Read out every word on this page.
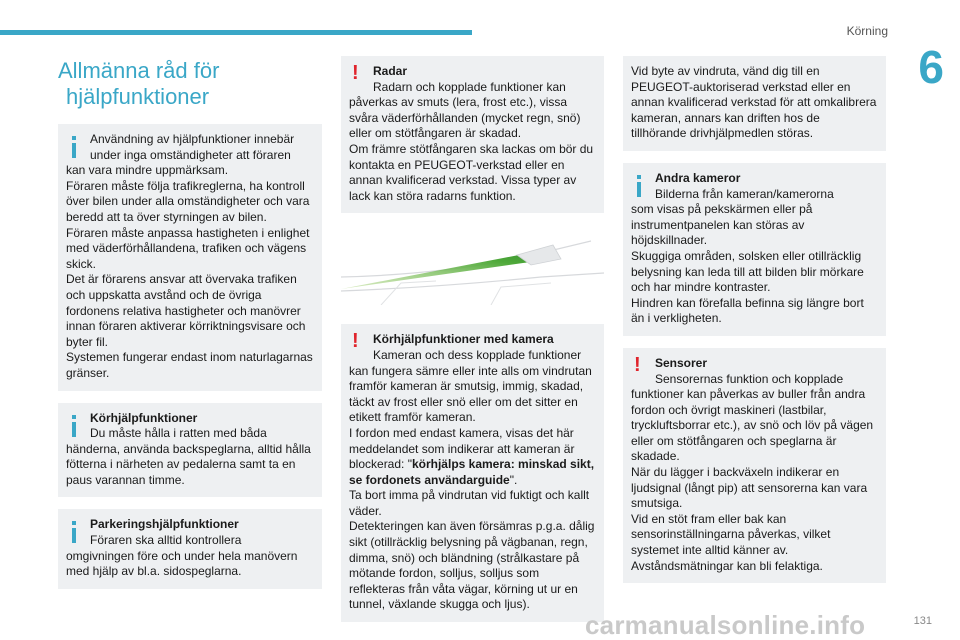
Körning
6
Allmänna råd för
hjälpfunktioner
Användning av hjälpfunktioner innebär under inga omständigheter att föraren
kan vara mindre uppmärksam.
Föraren måste följa trafikreglerna, ha kontroll över bilen under alla omständigheter och vara beredd att ta över styrningen av bilen.
Föraren måste anpassa hastigheten i enlighet med väderförhållandena, trafiken och vägens skick.
Det är förarens ansvar att övervaka trafiken och uppskatta avstånd och de övriga fordonens relativa hastigheter och manövrer innan föraren aktiverar körriktningsvisare och byter fil.
Systemen fungerar endast inom naturlagarnas gränser.
Körhjälpfunktioner
Du måste hålla i ratten med båda
händerna, använda backspeglarna, alltid hålla fötterna i närheten av pedalerna samt ta en paus varannan timme.
Parkeringshjälpfunktioner
Föraren ska alltid kontrollera
omgivningen före och under hela manövern med hjälp av bl.a. sidospeglarna.
!	Radar
Radarn och kopplade funktioner kan
påverkas av smuts (lera, frost etc.), vissa svåra väderförhållanden (mycket regn, snö) eller om stötfångaren är skadad.
Om främre stötfångaren ska lackas om bör du kontakta en PEUGEOT-verkstad eller en annan kvalificerad verkstad. Vissa typer av lack kan störa radarns funktion.
!	Körhjälpfunktioner med kamera
Kameran och dess kopplade funktioner
kan fungera sämre eller inte alls om vindrutan framför kameran är smutsig, immig, skadad, täckt av frost eller snö eller om det sitter en etikett framför kameran.
I fordon med endast kamera, visas det här meddelandet som indikerar att kameran är blockerad: "körhjälps kamera: minskad sikt, se fordonets användarguide".
Ta bort imma på vindrutan vid fuktigt och kallt väder.
Detekteringen kan även försämras p.g.a. dålig sikt (otillräcklig belysning på vägbanan, regn, dimma, snö) och bländning (strålkastare på mötande fordon, solljus, solljus som reflekteras från våta vägar, körning ut ur en tunnel, växlande skugga och ljus).
Vid byte av vindruta, vänd dig till en PEUGEOT-auktoriserad verkstad eller en annan kvalificerad verkstad för att omkalibrera kameran, annars kan driften hos de tillhörande drivhjälpmedlen störas.
Andra kameror
Bilderna från kameran/kamerorna
som visas på pekskärmen eller på instrumentpanelen kan störas av höjdskillnader.
Skuggiga områden, solsken eller otillräcklig belysning kan leda till att bilden blir mörkare och har mindre kontraster.
Hindren kan förefalla befinna sig längre bort än i verkligheten.
!	Sensorer
Sensorernas funktion och kopplade
funktioner kan påverkas av buller från andra fordon och övrigt maskineri (lastbilar, tryckluftsborrar etc.), av snö och löv på vägen eller om stötfångaren och speglarna är skadade.
När du lägger i backväxeln indikerar en ljudsignal (långt pip) att sensorerna kan vara smutsiga.
Vid en stöt fram eller bak kan sensorinställningarna påverkas, vilket systemet inte alltid känner av. Avståndsmätningar kan bli felaktiga.
carmanualsonline.info	131
